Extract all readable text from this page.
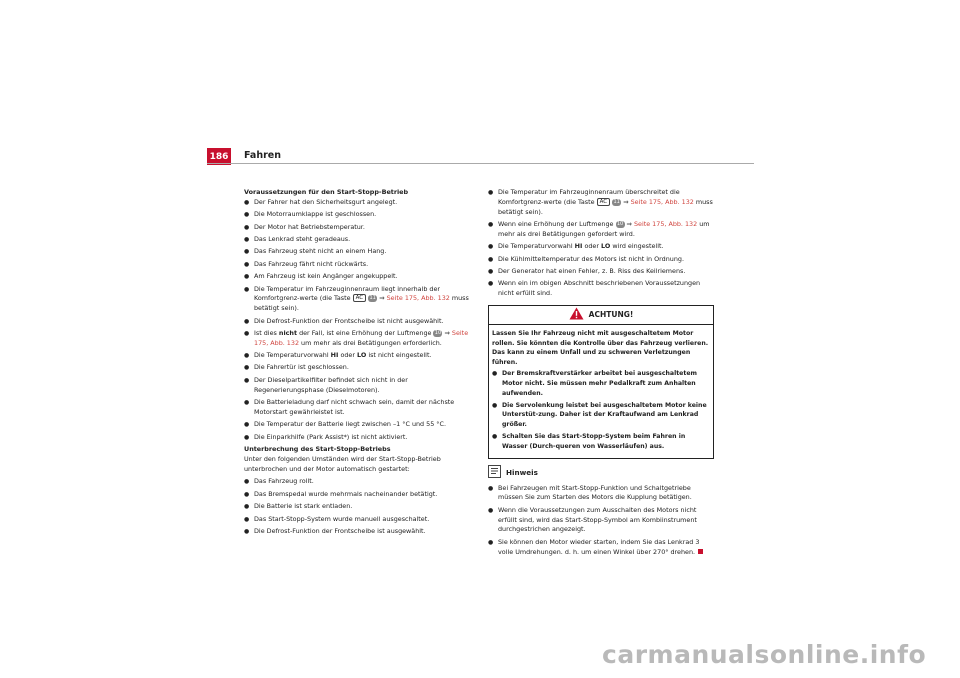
186 Fahren
Voraussetzungen für den Start-Stopp-Betrieb
● Der Fahrer hat den Sicherheitsgurt angelegt.
● Die Motorraumklappe ist geschlossen.
● Der Motor hat Betriebstemperatur.
● Das Lenkrad steht geradeaus.
● Das Fahrzeug steht nicht an einem Hang.
● Das Fahrzeug fährt nicht rückwärts.
● Am Fahrzeug ist kein Angänger angekuppelt.
● Die Temperatur im Fahrzeuginnenraum liegt innerhalb der Komfortgrenz-werte (die Taste AC 11 ⇒ Seite 175, Abb. 132 muss betätigt sein).
● Die Defrost-Funktion der Frontscheibe ist nicht ausgewählt.
● Ist dies nicht der Fall, ist eine Erhöhung der Luftmenge 10 ⇒ Seite 175, Abb. 132 um mehr als drei Betätigungen erforderlich.
● Die Temperaturvorwahl HI oder LO ist nicht eingestellt.
● Die Fahrertür ist geschlossen.
● Der Dieselpartikelfilter befindet sich nicht in der Regenerierungsphase (Dieselmotoren).
● Die Batterieladung darf nicht schwach sein, damit der nächste Motorstart gewährleistet ist.
● Die Temperatur der Batterie liegt zwischen –1 °C und 55 °C.
● Die Einparkhilfe (Park Assist*) ist nicht aktiviert.
Unterbrechung des Start-Stopp-Betriebs
Unter den folgenden Umständen wird der Start-Stopp-Betrieb unterbrochen und der Motor automatisch gestartet:
● Das Fahrzeug rollt.
● Das Bremspedal wurde mehrmals nacheinander betätigt.
● Die Batterie ist stark entladen.
● Das Start-Stopp-System wurde manuell ausgeschaltet.
● Die Defrost-Funktion der Frontscheibe ist ausgewählt.
● Die Temperatur im Fahrzeuginnenraum überschreitet die Komfortgrenz-werte (die Taste AC 11 ⇒ Seite 175, Abb. 132 muss betätigt sein).
● Wenn eine Erhöhung der Luftmenge 10 ⇒ Seite 175, Abb. 132 um mehr als drei Betätigungen gefordert wird.
● Die Temperaturvorwahl HI oder LO wird eingestellt.
● Die Kühlmitteltemperatur des Motors ist nicht in Ordnung.
● Der Generator hat einen Fehler, z. B. Riss des Keilriemens.
● Wenn ein im obigen Abschnitt beschriebenen Voraussetzungen nicht erfüllt sind.
ACHTUNG!
Lassen Sie Ihr Fahrzeug nicht mit ausgeschaltetem Motor rollen. Sie könnten die Kontrolle über das Fahrzeug verlieren. Das kann zu einem Unfall und zu schweren Verletzungen führen.
● Der Bremskraftverstärker arbeitet bei ausgeschaltetem Motor nicht. Sie müssen mehr Pedalkraft zum Anhalten aufwenden.
● Die Servolenkung leistet bei ausgeschaltetem Motor keine Unterstüt-zung. Daher ist der Kraftaufwand am Lenkrad größer.
● Schalten Sie das Start-Stopp-System beim Fahren in Wasser (Durch-queren von Wasserläufen) aus.
Hinweis
● Bei Fahrzeugen mit Start-Stopp-Funktion und Schaltgetriebe müssen Sie zum Starten des Motors die Kupplung betätigen.
● Wenn die Voraussetzungen zum Ausschalten des Motors nicht erfüllt sind, wird das Start-Stopp-Symbol am Kombiinstrument durchgestrichen angezeigt.
● Sie können den Motor wieder starten, indem Sie das Lenkrad 3 volle Umdrehungen. d. h. um einen Winkel über 270° drehen.
carmanualsonline.info
